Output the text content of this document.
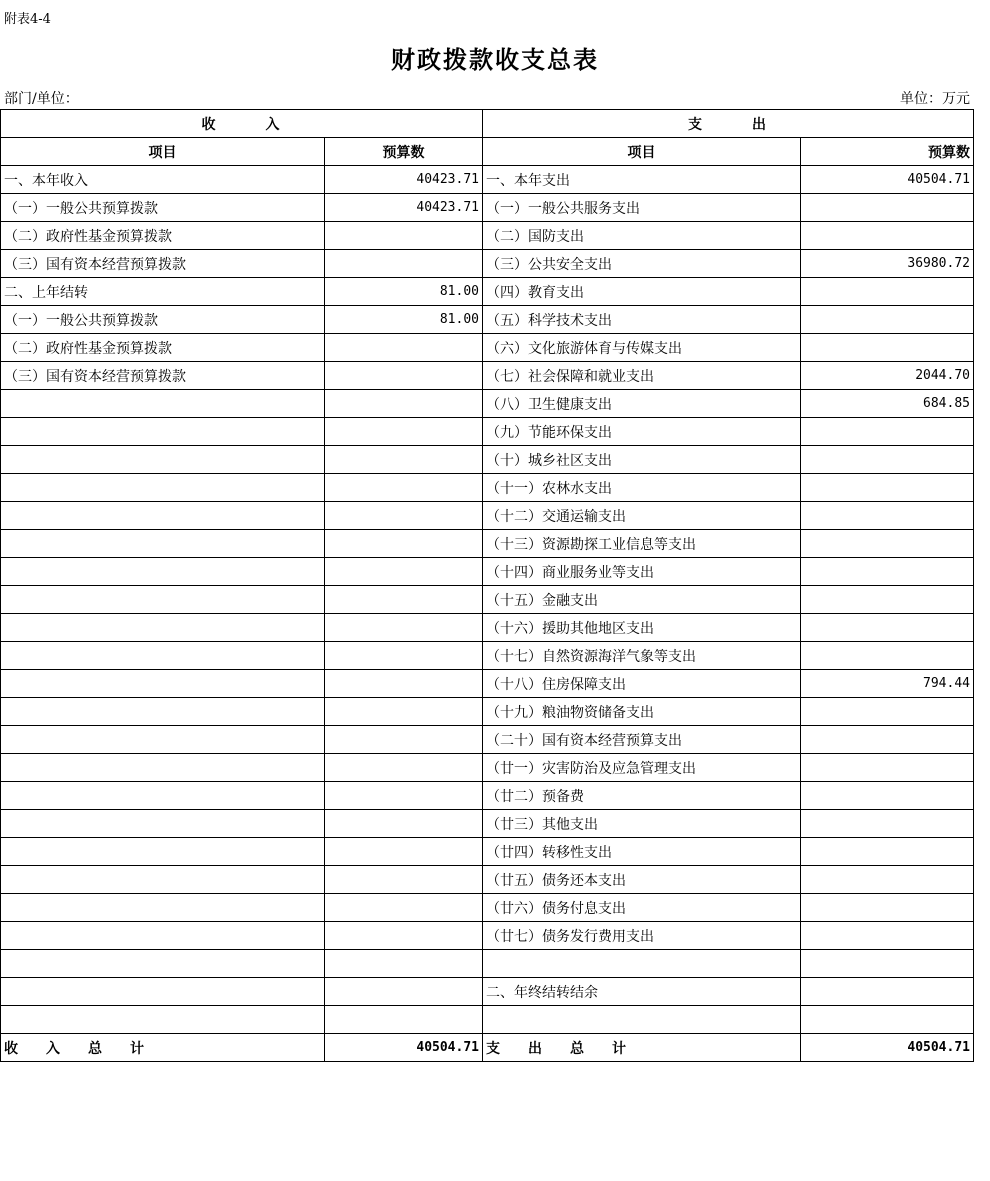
附表4-4
财政拨款收支总表
部门/单位：	单位：万元
收　　　入		支　　　出	
项目	预算数	项目	预算数
一、本年收入	40423.71	一、本年支出	40504.71
（一）一般公共预算拨款	40423.71	（一）一般公共服务支出	
（二）政府性基金预算拨款		（二）国防支出	
（三）国有资本经营预算拨款		（三）公共安全支出	36980.72
二、上年结转	81.00	（四）教育支出	
（一）一般公共预算拨款	81.00	（五）科学技术支出	
（二）政府性基金预算拨款		（六）文化旅游体育与传媒支出	
（三）国有资本经营预算拨款		（七）社会保障和就业支出	2044.70
		（八）卫生健康支出	684.85
		（九）节能环保支出	
		（十）城乡社区支出	
		（十一）农林水支出	
		（十二）交通运输支出	
		（十三）资源勘探工业信息等支出	
		（十四）商业服务业等支出	
		（十五）金融支出	
		（十六）援助其他地区支出	
		（十七）自然资源海洋气象等支出	
		（十八）住房保障支出	794.44
		（十九）粮油物资储备支出	
		（二十）国有资本经营预算支出	
		（廿一）灾害防治及应急管理支出	
		（廿二）预备费	
		（廿三）其他支出	
		（廿四）转移性支出	
		（廿五）债务还本支出	
		（廿六）债务付息支出	
		（廿七）债务发行费用支出	

		二、年终结转结余	

收　　入　　总　　计	40504.71	支　　出　　总　　计	40504.71
